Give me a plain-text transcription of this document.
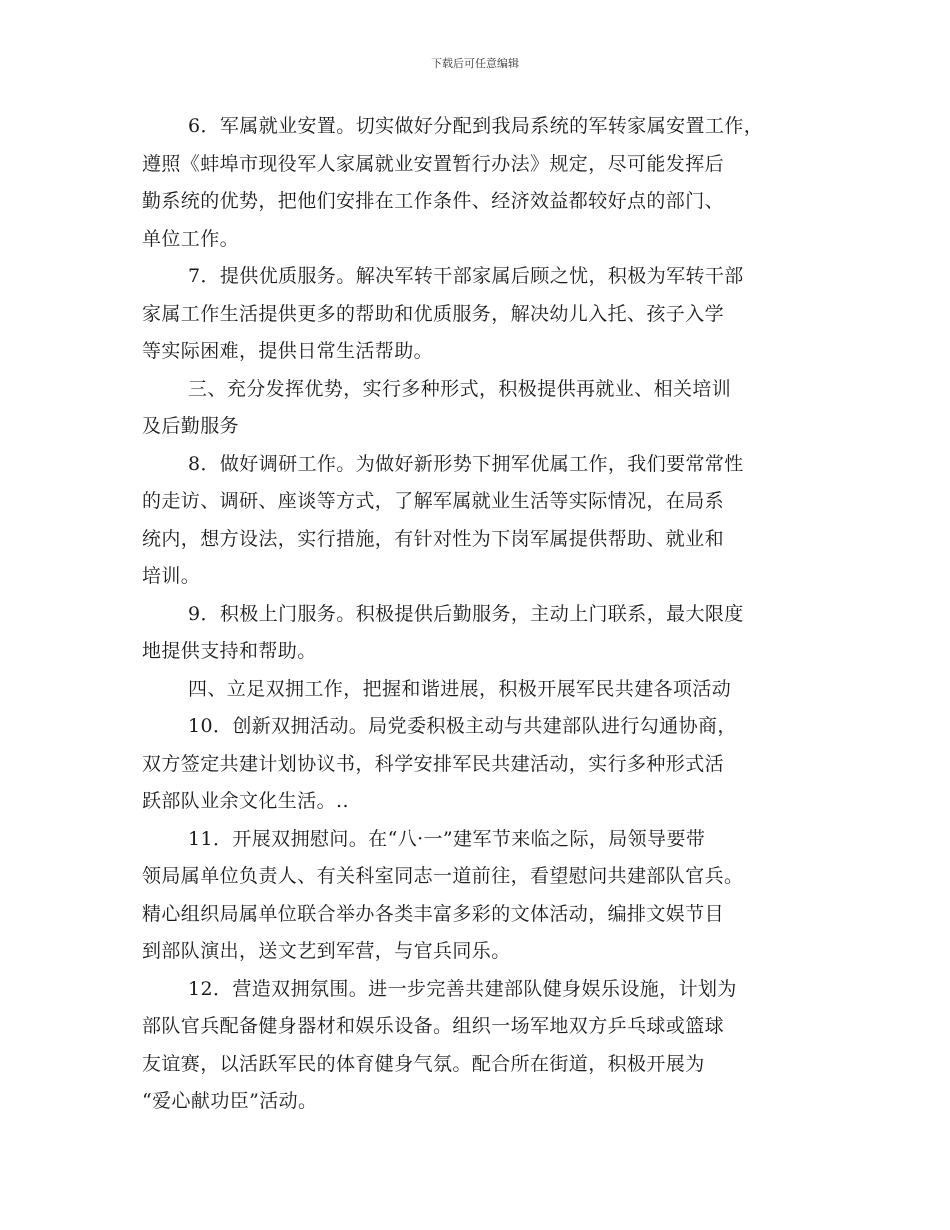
下载后可任意编辑
6．军属就业安置。切实做好分配到我局系统的军转家属安置工作，
遵照《蚌埠市现役军人家属就业安置暂行办法》规定，尽可能发挥后
勤系统的优势，把他们安排在工作条件、经济效益都较好点的部门、
单位工作。
7．提供优质服务。解决军转干部家属后顾之忧，积极为军转干部
家属工作生活提供更多的帮助和优质服务，解决幼儿入托、孩子入学
等实际困难，提供日常生活帮助。
三、充分发挥优势，实行多种形式，积极提供再就业、相关培训
及后勤服务
8．做好调研工作。为做好新形势下拥军优属工作，我们要常常性
的走访、调研、座谈等方式，了解军属就业生活等实际情况，在局系
统内，想方设法，实行措施，有针对性为下岗军属提供帮助、就业和
培训。
9．积极上门服务。积极提供后勤服务，主动上门联系，最大限度
地提供支持和帮助。
四、立足双拥工作，把握和谐进展，积极开展军民共建各项活动
10．创新双拥活动。局党委积极主动与共建部队进行勾通协商，
双方签定共建计划协议书，科学安排军民共建活动，实行多种形式活
跃部队业余文化生活。..
11．开展双拥慰问。在“八·一”建军节来临之际，局领导要带
领局属单位负责人、有关科室同志一道前往，看望慰问共建部队官兵。
精心组织局属单位联合举办各类丰富多彩的文体活动，编排文娱节目
到部队演出，送文艺到军营，与官兵同乐。
12．营造双拥氛围。进一步完善共建部队健身娱乐设施，计划为
部队官兵配备健身器材和娱乐设备。组织一场军地双方乒乓球或篮球
友谊赛，以活跃军民的体育健身气氛。配合所在街道，积极开展为
“爱心献功臣”活动。
